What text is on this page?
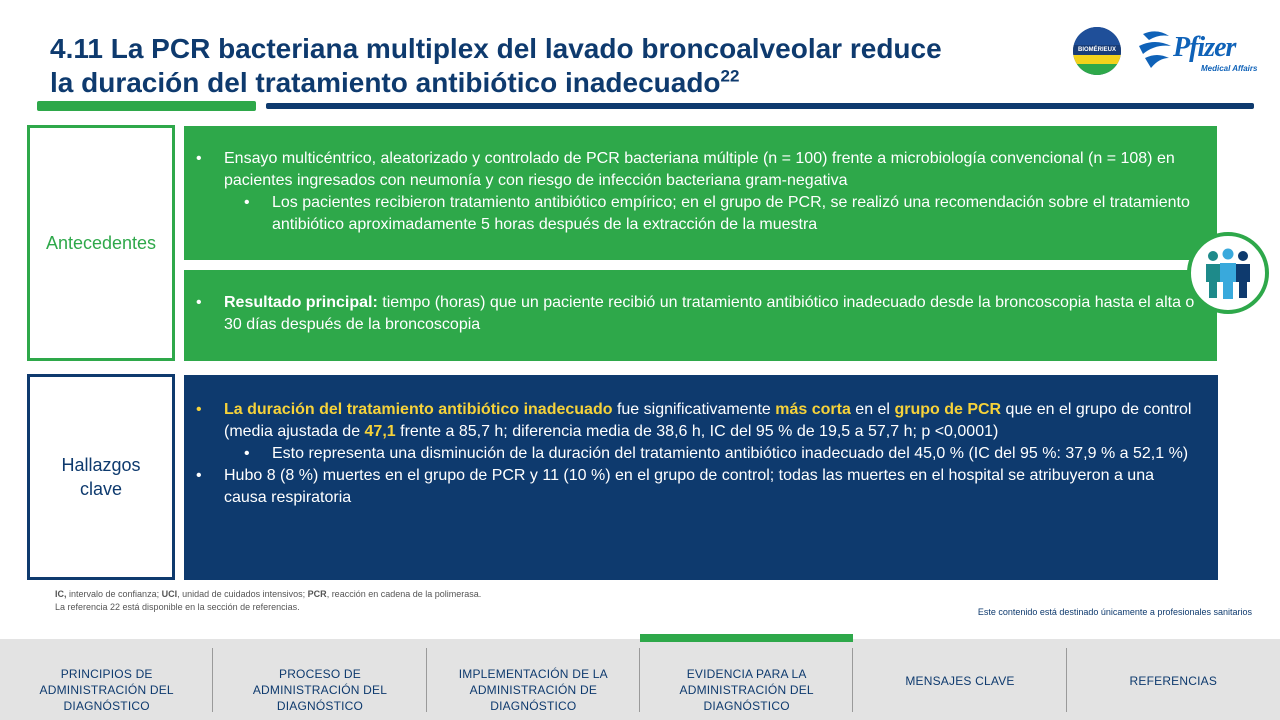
4.11 La PCR bacteriana multiplex del lavado broncoalveolar reduce
la duración del tratamiento antibiótico inadecuado$^{22}$
BIOMÉRIEUX Pfizer
Medical Affairs
Antecedentes
Hallazgos clave
•	Ensayo multicéntrico, aleatorizado y controlado de PCR bacteriana múltiple (n = 100) frente a microbiología convencional (n = 108) en pacientes ingresados con neumonía y con riesgo de infección bacteriana gram-negativa
•	Los pacientes recibieron tratamiento antibiótico empírico; en el grupo de PCR, se realizó una recomendación sobre el tratamiento antibiótico aproximadamente 5 horas después de la extracción de la muestra
•	Resultado principal: tiempo (horas) que un paciente recibió un tratamiento antibiótico inadecuado desde la broncoscopia hasta el alta o 30 días después de la broncoscopia
•	La duración del tratamiento antibiótico inadecuado fue significativamente más corta en el grupo de PCR que en el grupo de control (media ajustada de 47,1 frente a 85,7 h; diferencia media de 38,6 h, IC del 95 % de 19,5 a 57,7 h; p <0,0001)
•	Esto representa una disminución de la duración del tratamiento antibiótico inadecuado del 45,0 % (IC del 95 %: 37,9 % a 52,1 %)
•	Hubo 8 (8 %) muertes en el grupo de PCR y 11 (10 %) en el grupo de control; todas las muertes en el hospital se atribuyeron a una causa respiratoria
IC, intervalo de confianza; UCI, unidad de cuidados intensivos; PCR, reacción en cadena de la polimerasa.
La referencia 22 está disponible en la sección de referencias.	Este contenido está destinado únicamente a profesionales sanitarios
PRINCIPIOS DE ADMINISTRACIÓN DEL DIAGNÓSTICO
PROCESO DE ADMINISTRACIÓN DEL DIAGNÓSTICO
IMPLEMENTACIÓN DE LA ADMINISTRACIÓN DE DIAGNÓSTICO
EVIDENCIA PARA LA ADMINISTRACIÓN DEL DIAGNÓSTICO
MENSAJES CLAVE	REFERENCIAS
